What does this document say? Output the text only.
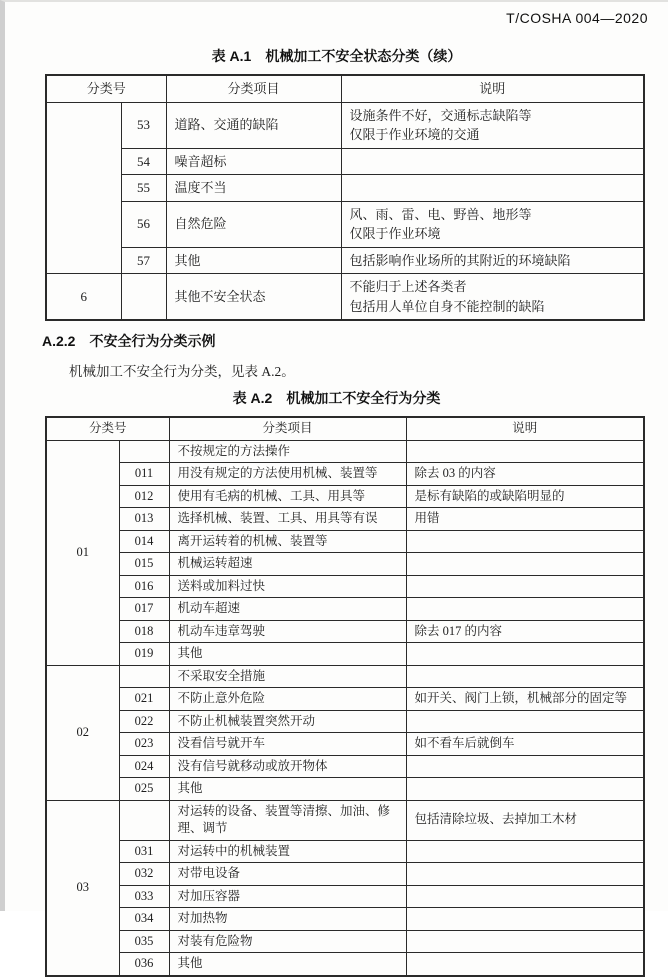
T/COSHA 004—2020
表 A.1　机械加工不安全状态分类（续）
分类号		分类项目	说明
	53	道路、交通的缺陷	设施条件不好，交通标志缺陷等
仅限于作业环境的交通

	54	噪音超标	
	55	温度不当	
	56	自然危险	风、雨、雷、电、野兽、地形等
仅限于作业环境

	57	其他	包括影响作业场所的其附近的环境缺陷

6		其他不安全状态	不能归于上述各类者
包括用人单位自身不能控制的缺陷
A.2.2　不安全行为分类示例
机械加工不安全行为分类，见表 A.2。
表 A.2　机械加工不安全行为分类
分类号		分类项目	说明
01		不按规定的方法操作	
	011	用没有规定的方法使用机械、装置等	除去 03 的内容

	012	使用有毛病的机械、工具、用具等	是标有缺陷的或缺陷明显的

	013	选择机械、装置、工具、用具等有误	用错

	014	离开运转着的机械、装置等	
	015	机械运转超速	
	016	送料或加料过快	
	017	机动车超速	
	018	机动车违章驾驶	除去 017 的内容

	019	其他	
02		不采取安全措施	
	021	不防止意外危险	如开关、阀门上锁，机械部分的固定等

	022	不防止机械装置突然开动	
	023	没看信号就开车	如不看车后就倒车

	024	没有信号就移动或放开物体	
	025	其他	
03		对运转的设备、装置等清擦、加油、修理、调节	包括清除垃圾、去掉加工木材

	031	对运转中的机械装置	
	032	对带电设备	
	033	对加压容器	
	034	对加热物	
	035	对装有危险物	
	036	其他	
